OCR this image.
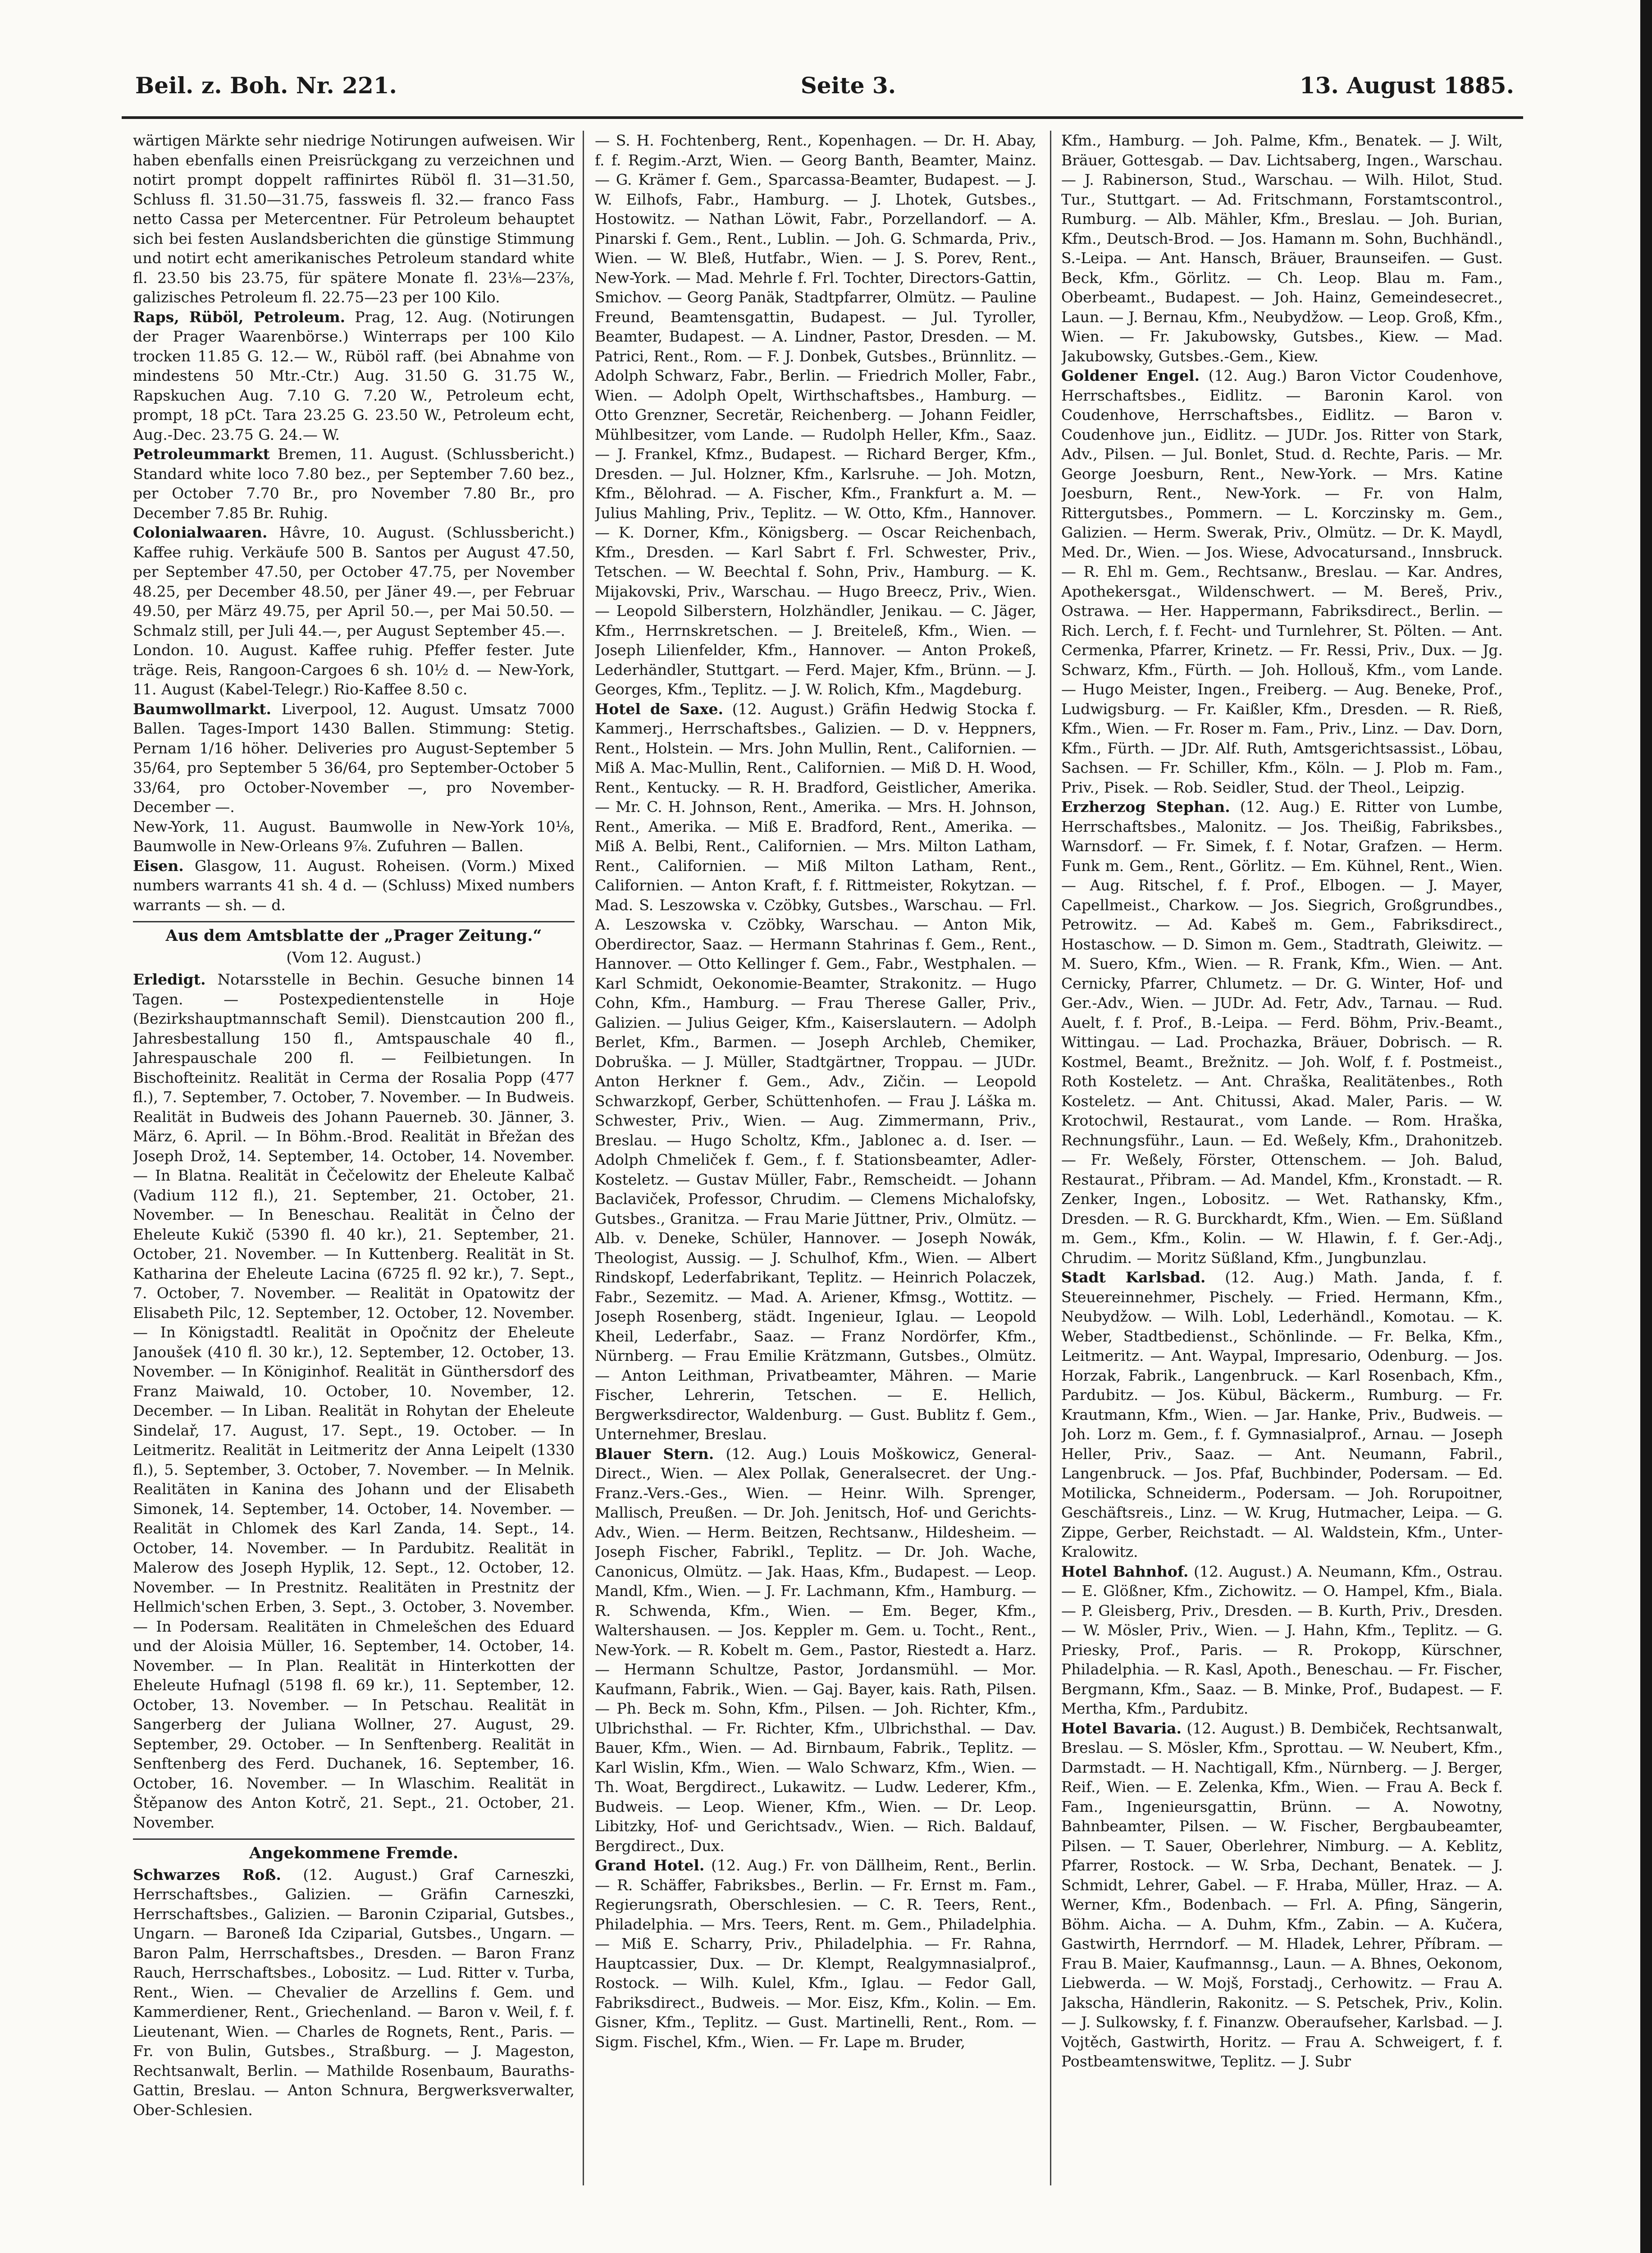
Beil. z. Boh. Nr. 221.	Seite 3.	13. August 1885.

wärtigen Märkte sehr niedrige Notirungen aufweisen. Wir haben ebenfalls einen Preisrückgang zu verzeichnen und notirt prompt doppelt raffinirtes Rüböl fl. 31—31.50, Schluss fl. 31.50—31.75, fassweis fl. 32.— franco Fass netto Cassa per Metercentner. Für Petroleum behauptet sich bei festen Auslandsberichten die günstige Stimmung und notirt echt amerikanisches Petroleum standard white fl. 23.50 bis 23.75, für spätere Monate fl. 23⅛—23⅞, galizisches Petroleum fl. 22.75—23 per 100 Kilo.

Raps, Rüböl, Petroleum. Prag, 12. Aug. (Notirungen der Prager Waarenbörse.) Winterraps per 100 Kilo trocken 11.85 G. 12.— W., Rüböl raff. (bei Abnahme von mindestens 50 Mtr.-Ctr.) Aug. 31.50 G. 31.75 W., Rapskuchen Aug. 7.10 G. 7.20 W., Petroleum echt, prompt, 18 pCt. Tara 23.25 G. 23.50 W., Petroleum echt, Aug.-Dec. 23.75 G. 24.— W.

Petroleummarkt Bremen, 11. August. (Schlussbericht.) Standard white loco 7.80 bez., per September 7.60 bez., per October 7.70 Br., pro November 7.80 Br., pro December 7.85 Br. Ruhig.

Colonialwaaren. Hâvre, 10. August. (Schlussbericht.) Kaffee ruhig. Verkäufe 500 B. Santos per August 47.50, per September 47.50, per October 47.75, per November 48.25, per December 48.50, per Jäner 49.—, per Februar 49.50, per März 49.75, per April 50.—, per Mai 50.50. — Schmalz still, per Juli 44.—, per August September 45.—.

London. 10. August. Kaffee ruhig. Pfeffer fester. Jute träge. Reis, Rangoon-Cargoes 6 sh. 10½ d. — New-York, 11. August (Kabel-Telegr.) Rio-Kaffee 8.50 c.

Baumwollmarkt. Liverpool, 12. August. Umsatz 7000 Ballen. Tages-Import 1430 Ballen. Stimmung: Stetig. Pernam 1/16 höher. Deliveries pro August-September 5 35/64, pro September 5 36/64, pro September-October 5 33/64, pro October-November —, pro November-December —.

New-York, 11. August. Baumwolle in New-York 10⅛, Baumwolle in New-Orleans 9⅞. Zufuhren — Ballen.

Eisen. Glasgow, 11. August. Roheisen. (Vorm.) Mixed numbers warrants 41 sh. 4 d. — (Schluss) Mixed numbers warrants — sh. — d.

Aus dem Amtsblatte der „Prager Zeitung.“
(Vom 12. August.)

Erledigt. Notarsstelle in Bechin. Gesuche binnen 14 Tagen. — Postexpedientenstelle in Hoje (Bezirkshauptmannschaft Semil). Dienstcaution 200 fl., Jahresbestallung 150 fl., Amtspauschale 40 fl., Jahrespauschale 200 fl. — Feilbietungen. In Bischofteinitz. Realität in Cerma der Rosalia Popp (477 fl.), 7. September, 7. October, 7. November. — In Budweis. Realität in Budweis des Johann Pauerneb. 30. Jänner, 3. März, 6. April. — In Böhm.-Brod. Realität in Břežan des Joseph Drož, 14. September, 14. October, 14. November. — In Blatna. Realität in Čečelowitz der Eheleute Kalbač (Vadium 112 fl.), 21. September, 21. October, 21. November. — In Beneschau. Realität in Čelno der Eheleute Kukič (5390 fl. 40 kr.), 21. September, 21. October, 21. November. — In Kuttenberg. Realität in St. Katharina der Eheleute Lacina (6725 fl. 92 kr.), 7. Sept., 7. October, 7. November. — Realität in Opatowitz der Elisabeth Pilc, 12. September, 12. October, 12. November. — In Königstadtl. Realität in Opočnitz der Eheleute Janoušek (410 fl. 30 kr.), 12. September, 12. October, 13. November. — In Königinhof. Realität in Günthersdorf des Franz Maiwald, 10. October, 10. November, 12. December. — In Liban. Realität in Rohytan der Eheleute Sindelař, 17. August, 17. Sept., 19. October. — In Leitmeritz. Realität in Leitmeritz der Anna Leipelt (1330 fl.), 5. September, 3. October, 7. November. — In Melnik. Realitäten in Kanina des Johann und der Elisabeth Simonek, 14. September, 14. October, 14. November. — Realität in Chlomek des Karl Zanda, 14. Sept., 14. October, 14. November. — In Pardubitz. Realität in Malerow des Joseph Hyplik, 12. Sept., 12. October, 12. November. — In Prestnitz. Realitäten in Prestnitz der Hellmich'schen Erben, 3. Sept., 3. October, 3. November. — In Podersam. Realitäten in Chmelešchen des Eduard und der Aloisia Müller, 16. September, 14. October, 14. November. — In Plan. Realität in Hinterkotten der Eheleute Hufnagl (5198 fl. 69 kr.), 11. September, 12. October, 13. November. — In Petschau. Realität in Sangerberg der Juliana Wollner, 27. August, 29. September, 29. October. — In Senftenberg. Realität in Senftenberg des Ferd. Duchanek, 16. September, 16. October, 16. November. — In Wlaschim. Realität in Štěpanow des Anton Kotrč, 21. Sept., 21. October, 21. November.

Angekommene Fremde.

Schwarzes Roß. (12. August.) Graf Carneszki, Herrschaftsbes., Galizien. — Gräfin Carneszki, Herrschaftsbes., Galizien. — Baronin Cziparial, Gutsbes., Ungarn. — Baroneß Ida Cziparial, Gutsbes., Ungarn. — Baron Palm, Herrschaftsbes., Dresden. — Baron Franz Rauch, Herrschaftsbes., Lobositz. — Lud. Ritter v. Turba, Rent., Wien. — Chevalier de Arzellins f. Gem. und Kammerdiener, Rent., Griechenland. — Baron v. Weil, f. f. Lieutenant, Wien. — Charles de Rognets, Rent., Paris. — Fr. von Bulin, Gutsbes., Straßburg. — J. Mageston, Rechtsanwalt, Berlin. — Mathilde Rosenbaum, Bauraths-Gattin, Breslau. — Anton Schnura, Bergwerksverwalter, Ober-Schlesien.

— S. H. Fochtenberg, Rent., Kopenhagen. — Dr. H. Abay, f. f. Regim.-Arzt, Wien. — Georg Banth, Beamter, Mainz. — G. Krämer f. Gem., Sparcassa-Beamter, Budapest. — J. W. Eilhofs, Fabr., Hamburg. — J. Lhotek, Gutsbes., Hostowitz. — Nathan Löwit, Fabr., Porzellandorf. — A. Pinarski f. Gem., Rent., Lublin. — Joh. G. Schmarda, Priv., Wien. — W. Bleß, Hutfabr., Wien. — J. S. Porev, Rent., New-York. — Mad. Mehrle f. Frl. Tochter, Directors-Gattin, Smichov. — Georg Panäk, Stadtpfarrer, Olmütz. — Pauline Freund, Beamtensgattin, Budapest. — Jul. Tyroller, Beamter, Budapest. — A. Lindner, Pastor, Dresden. — M. Patrici, Rent., Rom. — F. J. Donbek, Gutsbes., Brünnlitz. — Adolph Schwarz, Fabr., Berlin. — Friedrich Moller, Fabr., Wien. — Adolph Opelt, Wirthschaftsbes., Hamburg. — Otto Grenzner, Secretär, Reichenberg. — Johann Feidler, Mühlbesitzer, vom Lande. — Rudolph Heller, Kfm., Saaz. — J. Frankel, Kfmz., Budapest. — Richard Berger, Kfm., Dresden. — Jul. Holzner, Kfm., Karlsruhe. — Joh. Motzn, Kfm., Bělohrad. — A. Fischer, Kfm., Frankfurt a. M. — Julius Mahling, Priv., Teplitz. — W. Otto, Kfm., Hannover. — K. Dorner, Kfm., Königsberg. — Oscar Reichenbach, Kfm., Dresden. — Karl Sabrt f. Frl. Schwester, Priv., Tetschen. — W. Beechtal f. Sohn, Priv., Hamburg. — K. Mijakovski, Priv., Warschau. — Hugo Breecz, Priv., Wien. — Leopold Silberstern, Holzhändler, Jenikau. — C. Jäger, Kfm., Herrnskretschen. — J. Breiteleß, Kfm., Wien. — Joseph Lilienfelder, Kfm., Hannover. — Anton Prokeß, Lederhändler, Stuttgart. — Ferd. Majer, Kfm., Brünn. — J. Georges, Kfm., Teplitz. — J. W. Rolich, Kfm., Magdeburg.

Hotel de Saxe. (12. August.) Gräfin Hedwig Stocka f. Kammerj., Herrschaftsbes., Galizien. — D. v. Heppners, Rent., Holstein. — Mrs. John Mullin, Rent., Californien. — Miß A. Mac-Mullin, Rent., Californien. — Miß D. H. Wood, Rent., Kentucky. — R. H. Bradford, Geistlicher, Amerika. — Mr. C. H. Johnson, Rent., Amerika. — Mrs. H. Johnson, Rent., Amerika. — Miß E. Bradford, Rent., Amerika. — Miß A. Belbi, Rent., Californien. — Mrs. Milton Latham, Rent., Californien. — Miß Milton Latham, Rent., Californien. — Anton Kraft, f. f. Rittmeister, Rokytzan. — Mad. S. Leszowska v. Czöbky, Gutsbes., Warschau. — Frl. A. Leszowska v. Czöbky, Warschau. — Anton Mik, Oberdirector, Saaz. — Hermann Stahrinas f. Gem., Rent., Hannover. — Otto Kellinger f. Gem., Fabr., Westphalen. — Karl Schmidt, Oekonomie-Beamter, Strakonitz. — Hugo Cohn, Kfm., Hamburg. — Frau Therese Galler, Priv., Galizien. — Julius Geiger, Kfm., Kaiserslautern. — Adolph Berlet, Kfm., Barmen. — Joseph Archleb, Chemiker, Dobruška. — J. Müller, Stadtgärtner, Troppau. — JUDr. Anton Herkner f. Gem., Adv., Zičin. — Leopold Schwarzkopf, Gerber, Schüttenhofen. — Frau J. Láška m. Schwester, Priv., Wien. — Aug. Zimmermann, Priv., Breslau. — Hugo Scholtz, Kfm., Jablonec a. d. Iser. — Adolph Chmeliček f. Gem., f. f. Stationsbeamter, Adler-Kosteletz. — Gustav Müller, Fabr., Remscheidt. — Johann Baclaviček, Professor, Chrudim. — Clemens Michalofsky, Gutsbes., Granitza. — Frau Marie Jüttner, Priv., Olmütz. — Alb. v. Deneke, Schüler, Hannover. — Joseph Nowák, Theologist, Aussig. — J. Schulhof, Kfm., Wien. — Albert Rindskopf, Lederfabrikant, Teplitz. — Heinrich Polaczek, Fabr., Sezemitz. — Mad. A. Ariener, Kfmsg., Wottitz. — Joseph Rosenberg, städt. Ingenieur, Iglau. — Leopold Kheil, Lederfabr., Saaz. — Franz Nordörfer, Kfm., Nürnberg. — Frau Emilie Krätzmann, Gutsbes., Olmütz. — Anton Leithman, Privatbeamter, Mähren. — Marie Fischer, Lehrerin, Tetschen. — E. Hellich, Bergwerksdirector, Waldenburg. — Gust. Bublitz f. Gem., Unternehmer, Breslau.

Blauer Stern. (12. Aug.) Louis Moškowicz, General-Direct., Wien. — Alex Pollak, Generalsecret. der Ung.-Franz.-Vers.-Ges., Wien. — Heinr. Wilh. Sprenger, Mallisch, Preußen. — Dr. Joh. Jenitsch, Hof- und Gerichts-Adv., Wien. — Herm. Beitzen, Rechtsanw., Hildesheim. — Joseph Fischer, Fabrikl., Teplitz. — Dr. Joh. Wache, Canonicus, Olmütz. — Jak. Haas, Kfm., Budapest. — Leop. Mandl, Kfm., Wien. — J. Fr. Lachmann, Kfm., Hamburg. — R. Schwenda, Kfm., Wien. — Em. Beger, Kfm., Waltershausen. — Jos. Keppler m. Gem. u. Tocht., Rent., New-York. — R. Kobelt m. Gem., Pastor, Riestedt a. Harz. — Hermann Schultze, Pastor, Jordansmühl. — Mor. Kaufmann, Fabrik., Wien. — Gaj. Bayer, kais. Rath, Pilsen. — Ph. Beck m. Sohn, Kfm., Pilsen. — Joh. Richter, Kfm., Ulbrichsthal. — Fr. Richter, Kfm., Ulbrichsthal. — Dav. Bauer, Kfm., Wien. — Ad. Birnbaum, Fabrik., Teplitz. — Karl Wislin, Kfm., Wien. — Walo Schwarz, Kfm., Wien. — Th. Woat, Bergdirect., Lukawitz. — Ludw. Lederer, Kfm., Budweis. — Leop. Wiener, Kfm., Wien. — Dr. Leop. Libitzky, Hof- und Gerichtsadv., Wien. — Rich. Baldauf, Bergdirect., Dux.

Grand Hotel. (12. Aug.) Fr. von Dällheim, Rent., Berlin. — R. Schäffer, Fabriksbes., Berlin. — Fr. Ernst m. Fam., Regierungsrath, Oberschlesien. — C. R. Teers, Rent., Philadelphia. — Mrs. Teers, Rent. m. Gem., Philadelphia. — Miß E. Scharry, Priv., Philadelphia. — Fr. Rahna, Hauptcassier, Dux. — Dr. Klempt, Realgymnasialprof., Rostock. — Wilh. Kulel, Kfm., Iglau. — Fedor Gall, Fabriksdirect., Budweis. — Mor. Eisz, Kfm., Kolin. — Em. Gisner, Kfm., Teplitz. — Gust. Martinelli, Rent., Rom. — Sigm. Fischel, Kfm., Wien. — Fr. Lape m. Bruder,

Kfm., Hamburg. — Joh. Palme, Kfm., Benatek. — J. Wilt, Bräuer, Gottesgab. — Dav. Lichtsaberg, Ingen., Warschau. — J. Rabinerson, Stud., Warschau. — Wilh. Hilot, Stud. Tur., Stuttgart. — Ad. Fritschmann, Forstamtscontrol., Rumburg. — Alb. Mähler, Kfm., Breslau. — Joh. Burian, Kfm., Deutsch-Brod. — Jos. Hamann m. Sohn, Buchhändl., S.-Leipa. — Ant. Hansch, Bräuer, Braunseifen. — Gust. Beck, Kfm., Görlitz. — Ch. Leop. Blau m. Fam., Oberbeamt., Budapest. — Joh. Hainz, Gemeindesecret., Laun. — J. Bernau, Kfm., Neubydžow. — Leop. Groß, Kfm., Wien. — Fr. Jakubowsky, Gutsbes., Kiew. — Mad. Jakubowsky, Gutsbes.-Gem., Kiew.

Goldener Engel. (12. Aug.) Baron Victor Coudenhove, Herrschaftsbes., Eidlitz. — Baronin Karol. von Coudenhove, Herrschaftsbes., Eidlitz. — Baron v. Coudenhove jun., Eidlitz. — JUDr. Jos. Ritter von Stark, Adv., Pilsen. — Jul. Bonlet, Stud. d. Rechte, Paris. — Mr. George Joesburn, Rent., New-York. — Mrs. Katine Joesburn, Rent., New-York. — Fr. von Halm, Rittergutsbes., Pommern. — L. Korczinsky m. Gem., Galizien. — Herm. Swerak, Priv., Olmütz. — Dr. K. Maydl, Med. Dr., Wien. — Jos. Wiese, Advocatursand., Innsbruck. — R. Ehl m. Gem., Rechtsanw., Breslau. — Kar. Andres, Apothekersgat., Wildenschwert. — M. Bereš, Priv., Ostrawa. — Her. Happermann, Fabriksdirect., Berlin. — Rich. Lerch, f. f. Fecht- und Turnlehrer, St. Pölten. — Ant. Cermenka, Pfarrer, Krinetz. — Fr. Ressi, Priv., Dux. — Jg. Schwarz, Kfm., Fürth. — Joh. Hollouš, Kfm., vom Lande. — Hugo Meister, Ingen., Freiberg. — Aug. Beneke, Prof., Ludwigsburg. — Fr. Kaißler, Kfm., Dresden. — R. Rieß, Kfm., Wien. — Fr. Roser m. Fam., Priv., Linz. — Dav. Dorn, Kfm., Fürth. — JDr. Alf. Ruth, Amtsgerichtsassist., Löbau, Sachsen. — Fr. Schiller, Kfm., Köln. — J. Plob m. Fam., Priv., Pisek. — Rob. Seidler, Stud. der Theol., Leipzig.

Erzherzog Stephan. (12. Aug.) E. Ritter von Lumbe, Herrschaftsbes., Malonitz. — Jos. Theißig, Fabriksbes., Warnsdorf. — Fr. Simek, f. f. Notar, Grafzen. — Herm. Funk m. Gem., Rent., Görlitz. — Em. Kühnel, Rent., Wien. — Aug. Ritschel, f. f. Prof., Elbogen. — J. Mayer, Capellmeist., Charkow. — Jos. Siegrich, Großgrundbes., Petrowitz. — Ad. Kabeš m. Gem., Fabriksdirect., Hostaschow. — D. Simon m. Gem., Stadtrath, Gleiwitz. — M. Suero, Kfm., Wien. — R. Frank, Kfm., Wien. — Ant. Cernicky, Pfarrer, Chlumetz. — Dr. G. Winter, Hof- und Ger.-Adv., Wien. — JUDr. Ad. Fetr, Adv., Tarnau. — Rud. Auelt, f. f. Prof., B.-Leipa. — Ferd. Böhm, Priv.-Beamt., Wittingau. — Lad. Prochazka, Bräuer, Dobrisch. — R. Kostmel, Beamt., Brežnitz. — Joh. Wolf, f. f. Postmeist., Roth Kosteletz. — Ant. Chraška, Realitätenbes., Roth Kosteletz. — Ant. Chitussi, Akad. Maler, Paris. — W. Krotochwil, Restaurat., vom Lande. — Rom. Hraška, Rechnungsführ., Laun. — Ed. Weßely, Kfm., Drahonitzeb. — Fr. Weßely, Förster, Ottenschem. — Joh. Balud, Restaurat., Přibram. — Ad. Mandel, Kfm., Kronstadt. — R. Zenker, Ingen., Lobositz. — Wet. Rathansky, Kfm., Dresden. — R. G. Burckhardt, Kfm., Wien. — Em. Süßland m. Gem., Kfm., Kolin. — W. Hlawin, f. f. Ger.-Adj., Chrudim. — Moritz Süßland, Kfm., Jungbunzlau.

Stadt Karlsbad. (12. Aug.) Math. Janda, f. f. Steuereinnehmer, Pischely. — Fried. Hermann, Kfm., Neubydžow. — Wilh. Lobl, Lederhändl., Komotau. — K. Weber, Stadtbedienst., Schönlinde. — Fr. Belka, Kfm., Leitmeritz. — Ant. Waypal, Impresario, Odenburg. — Jos. Horzak, Fabrik., Langenbruck. — Karl Rosenbach, Kfm., Pardubitz. — Jos. Kübul, Bäckerm., Rumburg. — Fr. Krautmann, Kfm., Wien. — Jar. Hanke, Priv., Budweis. — Joh. Lorz m. Gem., f. f. Gymnasialprof., Arnau. — Joseph Heller, Priv., Saaz. — Ant. Neumann, Fabril., Langenbruck. — Jos. Pfaf, Buchbinder, Podersam. — Ed. Motilicka, Schneiderm., Podersam. — Joh. Rorupoitner, Geschäftsreis., Linz. — W. Krug, Hutmacher, Leipa. — G. Zippe, Gerber, Reichstadt. — Al. Waldstein, Kfm., Unter-Kralowitz.

Hotel Bahnhof. (12. August.) A. Neumann, Kfm., Ostrau. — E. Glößner, Kfm., Zichowitz. — O. Hampel, Kfm., Biala. — P. Gleisberg, Priv., Dresden. — B. Kurth, Priv., Dresden. — W. Mösler, Priv., Wien. — J. Hahn, Kfm., Teplitz. — G. Priesky, Prof., Paris. — R. Prokopp, Kürschner, Philadelphia. — R. Kasl, Apoth., Beneschau. — Fr. Fischer, Bergmann, Kfm., Saaz. — B. Minke, Prof., Budapest. — F. Mertha, Kfm., Pardubitz.

Hotel Bavaria. (12. August.) B. Dembiček, Rechtsanwalt, Breslau. — S. Mösler, Kfm., Sprottau. — W. Neubert, Kfm., Darmstadt. — H. Nachtigall, Kfm., Nürnberg. — J. Berger, Reif., Wien. — E. Zelenka, Kfm., Wien. — Frau A. Beck f. Fam., Ingenieursgattin, Brünn. — A. Nowotny, Bahnbeamter, Pilsen. — W. Fischer, Bergbaubeamter, Pilsen. — T. Sauer, Oberlehrer, Nimburg. — A. Keblitz, Pfarrer, Rostock. — W. Srba, Dechant, Benatek. — J. Schmidt, Lehrer, Gabel. — F. Hraba, Müller, Hraz. — A. Werner, Kfm., Bodenbach. — Frl. A. Pfing, Sängerin, Böhm. Aicha. — A. Duhm, Kfm., Zabin. — A. Kučera, Gastwirth, Herrndorf. — M. Hladek, Lehrer, Příbram. — Frau B. Maier, Kaufmannsg., Laun. — A. Bhnes, Oekonom, Liebwerda. — W. Mojš, Forstadj., Cerhowitz. — Frau A. Jakscha, Händlerin, Rakonitz. — S. Petschek, Priv., Kolin. — J. Sulkowsky, f. f. Finanzw. Oberaufseher, Karlsbad. — J. Vojtěch, Gastwirth, Horitz. — Frau A. Schweigert, f. f. Postbeamtenswitwe, Teplitz. — J. Subr
